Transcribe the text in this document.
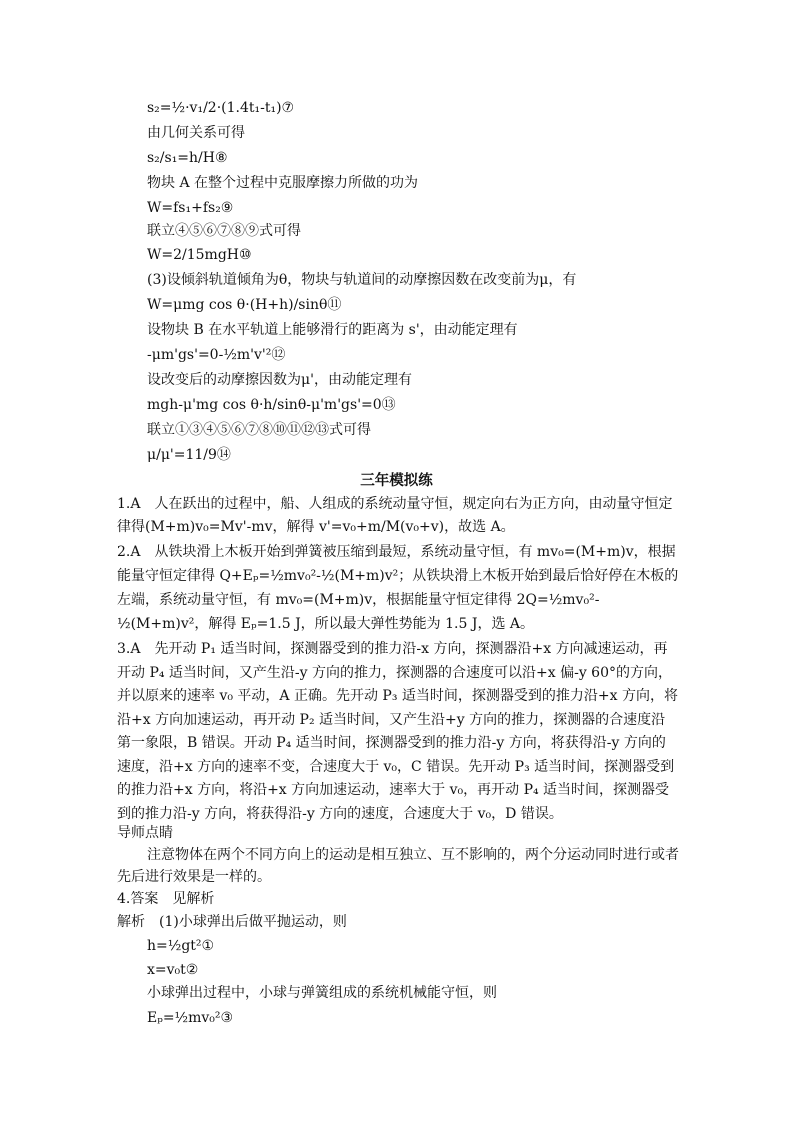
s₂=½·v₁/2·(1.4t₁-t₁)⑦
由几何关系可得
s₂/s₁=h/H⑧
物块 A 在整个过程中克服摩擦力所做的功为
W=fs₁+fs₂⑨
联立④⑤⑥⑦⑧⑨式可得
W=2/15mgH⑩
(3)设倾斜轨道倾角为θ，物块与轨道间的动摩擦因数在改变前为μ，有
W=μmg cos θ·(H+h)/sinθ⑪
设物块 B 在水平轨道上能够滑行的距离为 s'，由动能定理有
-μm'gs'=0-½m'v'²⑫
设改变后的动摩擦因数为μ'，由动能定理有
mgh-μ'mg cos θ·h/sinθ-μ'm'gs'=0⑬
联立①③④⑤⑥⑦⑧⑩⑪⑫⑬式可得
μ/μ'=11/9⑭
三年模拟练
1.A　人在跃出的过程中，船、人组成的系统动量守恒，规定向右为正方向，由动量守恒定律得(M+m)v₀=Mv'-mv，解得 v'=v₀+m/M(v₀+v)，故选 A。
2.A　从铁块滑上木板开始到弹簧被压缩到最短，系统动量守恒，有 mv₀=(M+m)v，根据能量守恒定律得 Q+Eₚ=½mv₀²-½(M+m)v²；从铁块滑上木板开始到最后恰好停在木板的左端，系统动量守恒，有 mv₀=(M+m)v，根据能量守恒定律得 2Q=½mv₀²-½(M+m)v²，解得 Eₚ=1.5 J，所以最大弹性势能为 1.5 J，选 A。
3.A　先开动 P₁ 适当时间，探测器受到的推力沿-x 方向，探测器沿+x 方向减速运动，再开动 P₄ 适当时间，又产生沿-y 方向的推力，探测器的合速度可以沿+x 偏-y 60°的方向，并以原来的速率 v₀ 平动，A 正确。先开动 P₃ 适当时间，探测器受到的推力沿+x 方向，将沿+x 方向加速运动，再开动 P₂ 适当时间，又产生沿+y 方向的推力，探测器的合速度沿第一象限，B 错误。开动 P₄ 适当时间，探测器受到的推力沿-y 方向，将获得沿-y 方向的速度，沿+x 方向的速率不变，合速度大于 v₀，C 错误。先开动 P₃ 适当时间，探测器受到的推力沿+x 方向，将沿+x 方向加速运动，速率大于 v₀，再开动 P₄ 适当时间，探测器受到的推力沿-y 方向，将获得沿-y 方向的速度，合速度大于 v₀，D 错误。
导师点睛
注意物体在两个不同方向上的运动是相互独立、互不影响的，两个分运动同时进行或者先后进行效果是一样的。
4.答案　见解析
解析　(1)小球弹出后做平抛运动，则
h=½gt²①
x=v₀t②
小球弹出过程中，小球与弹簧组成的系统机械能守恒，则
Eₚ=½mv₀²③
